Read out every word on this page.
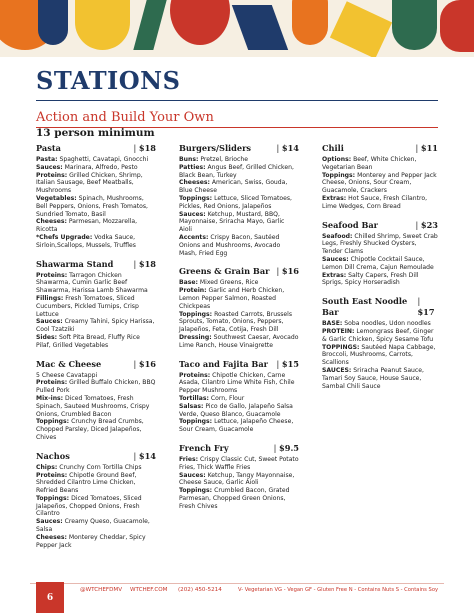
STATIONS
Action and Build Your Own
13 person minimum
Pasta	| $18
Pasta: Spaghetti, Cavatapi, Gnocchi
Sauces: Marinara, Alfredo, Pesto
Proteins: Grilled Chicken, Shrimp, Italian Sausage, Beef Meatballs, Mushrooms
Vegetables: Spinach, Mushrooms, Bell Peppers, Onions, Fresh Tomatos, Sundried Tomato, Basil
Cheeses: Parmesan, Mozzarella, Ricotta
*Chefs Upgrade: Vodka Sauce, Sirloin,Scallops, Mussels, Truffles
Shawarma Stand	| $18
Proteins: Tarragon Chicken Shawarma, Cumin Garlic Beef Shawarma, Harissa Lamb Shawarma
Fillings: Fresh Tomatoes, Sliced Cucumbers, Pickled Turnips, Crisp Lettuce
Sauces: Creamy Tahini, Spicy Harissa, Cool Tzatziki
Sides: Soft Pita Bread, Fluffy Rice Pilaf, Grilled Vegetables
Mac & Cheese	| $16
5 Cheese Cavatappi
Proteins: Grilled Buffalo Chicken, BBQ Pulled Pork
Mix-ins: Diced Tomatoes, Fresh Spinach, Sauteed Mushrooms, Crispy Onions, Crumbled Bacon
Toppings: Crunchy Bread Crumbs, Chopped Parsley, Diced Jalapeños, Chives
Nachos	| $14
Chips: Crunchy Corn Tortilla Chips
Proteins: Chipotle Ground Beef, Shredded Cilantro Lime Chicken, Refried Beans
Toppings: Diced Tomatoes, Sliced Jalapeños, Chopped Onions, Fresh Cilantro
Sauces: Creamy Queso, Guacamole, Salsa
Cheeses: Monterey Cheddar, Spicy Pepper Jack
Burgers/Sliders	| $14
Buns: Pretzel, Brioche
Patties: Angus Beef, Grilled Chicken, Black Bean, Turkey
Cheeses: American, Swiss, Gouda, Blue Cheese
Toppings: Lettuce, Sliced Tomatoes, Pickles, Red Onions, Jalapeños
Sauces: Ketchup, Mustard, BBQ, Mayonnaise, Sriracha Mayo, Garlic Aioli
Accents: Crispy Bacon, Sautéed Onions and Mushrooms, Avocado Mash, Fried Egg
Greens & Grain Bar	| $16
Base: Mixed Greens, Rice
Protein: Garlic and Herb Chicken, Lemon Pepper Salmon, Roasted Chickpeas
Toppings: Roasted Carrots, Brussels Sprouts, Tomato, Onions, Peppers, Jalapeños, Feta, Cotija, Fresh Dill
Dressing: Southwest Caesar, Avocado Lime Ranch, House Vinaigrette
Taco and Fajita Bar	| $15
Proteins: Chipotle Chicken, Carne Asada, Cilantro Lime White Fish, Chile Pepper Mushrooms
Tortillas: Corn, Flour
Salsas: Pico de Gallo, Jalapeño Salsa Verde, Queso Blanco, Guacamole
Toppings: Lettuce, Jalapeño Cheese, Sour Cream, Guacamole
French Fry	| $9.5
Fries: Crispy Classic Cut, Sweet Potato Fries, Thick Waffle Fries
Sauces: Ketchup, Tangy Mayonnaise, Cheese Sauce, Garlic Aioli
Toppings: Crumbled Bacon, Grated Parmesan, Chopped Green Onions, Fresh Chives
Chili	| $11
Options: Beef, White Chicken, Vegetarian Bean
Toppings: Monterey and Pepper Jack Cheese, Onions, Sour Cream, Guacamole, Crackers
Extras: Hot Sauce, Fresh Cilantro, Lime Wedges, Corn Bread
Seafood Bar	| $23
Seafood: Chilled Shrimp, Sweet Crab Legs, Freshly Shucked Oysters, Tender Clams
Sauces: Chipotle Cocktail Sauce, Lemon Dill Crema, Cajun Remoulade
Extras: Salty Capers, Fresh Dill Sprigs, Spicy Horseradish
South East Noodle Bar	| $17
BASE: Soba noodles, Udon noodles
PROTEIN: Lemongrass Beef, Ginger & Garlic Chicken, Spicy Sesame Tofu
TOPPINGS: Sautéed Napa Cabbage, Broccoli, Mushrooms, Carrots, Scallions
SAUCES: Sriracha Peanut Sauce, Tamari Soy Sauce, House Sauce, Sambal Chili Sauce
6
@WTCHEFDMV WTCHEF.COM (202) 450-5214	V- Vegetarian VG - Vegan GF - Gluten Free N - Contains Nuts S - Contains Soy
